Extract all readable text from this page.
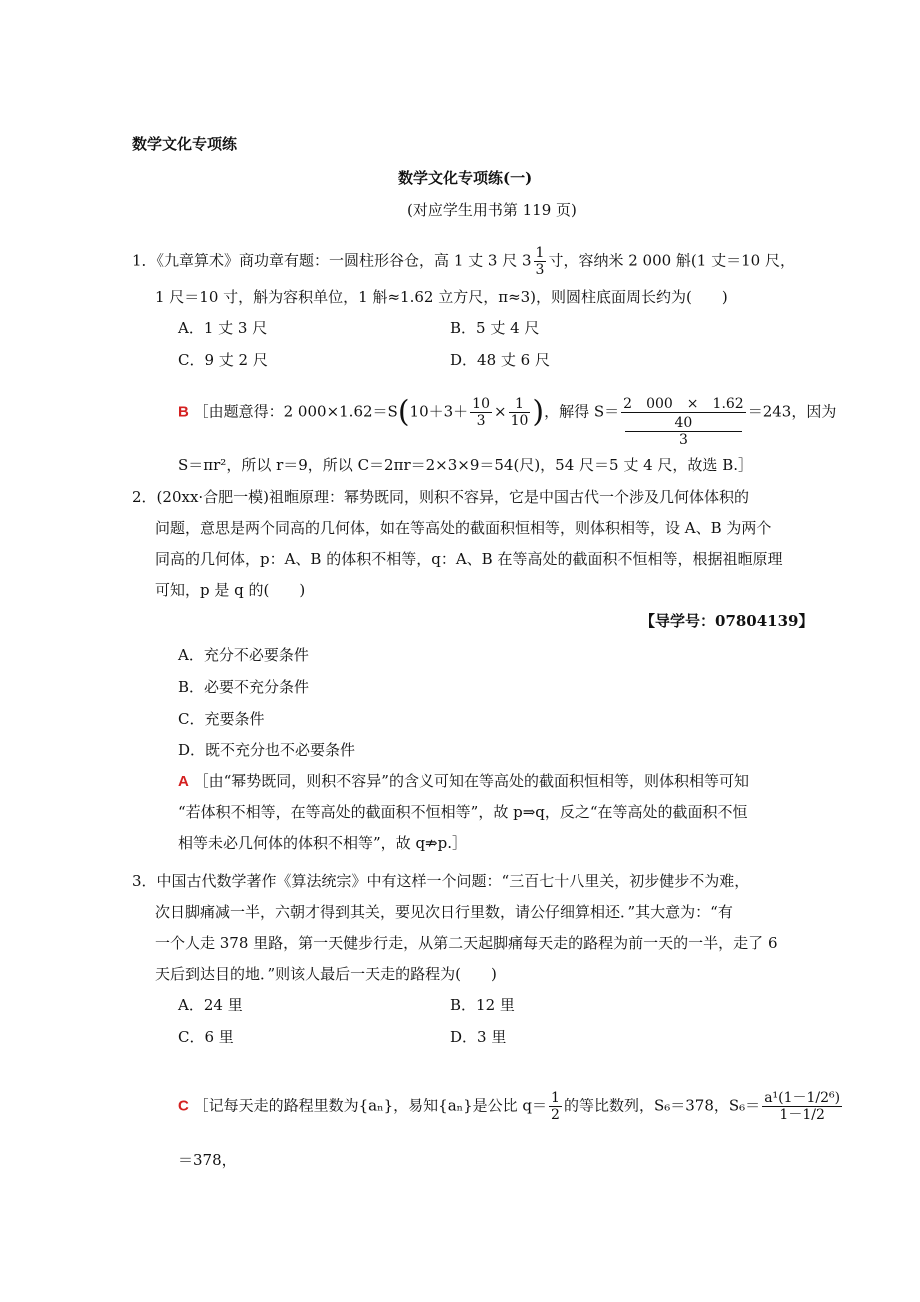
数学文化专项练
数学文化专项练(一)
(对应学生用书第 119 页)
1．《九章算术》商功章有题：一圆柱形谷仓，高 1 丈 3 尺 $3 \frac{1}{3}$ 寸，容纳米 2 000 斛(1 丈＝10 尺，
1 尺＝10 寸，斛为容积单位，1 斛≈1.62 立方尺，π≈3)，则圆柱底面周长约为(　　)
A．1 丈 3 尺	B．5 丈 4 尺
C．9 丈 2 尺	D．48 丈 6 尺
B ［由题意得：2 $000\times 1.62=S(10+3+ \frac{10}{3} \times \frac{1}{10}$ )，解得 S＝ 2　000　×　1.62
40
3 ＝243，因为
S＝πr²，所以 r＝9，所以 C＝2πr＝2×3×9＝54(尺)，54 尺＝5 丈 4 尺，故选 B.］
2．(20xx·合肥一模)祖暅原理：幂势既同，则积不容异，它是中国古代一个涉及几何体体积的
问题，意思是两个同高的几何体，如在等高处的截面积恒相等，则体积相等，设 A、B 为两个
同高的几何体，p：A、B 的体积不相等，q：A、B 在等高处的截面积不恒相等，根据祖暅原理
可知，p 是 q 的(　　)
【导学号：07804139】
A．充分不必要条件
B．必要不充分条件
C．充要条件
D．既不充分也不必要条件
A ［由“幂势既同，则积不容异”的含义可知在等高处的截面积恒相等，则体积相等可知
“若体积不相等，在等高处的截面积不恒相等”，故 p⇒q，反之“在等高处的截面积不恒
相等未必几何体的体积不相等”，故 q⇏p.］
3．中国古代数学著作《算法统宗》中有这样一个问题：“三百七十八里关，初步健步不为难，
次日脚痛减一半，六朝才得到其关，要见次日行里数，请公仔细算相还．”其大意为：“有
一个人走 378 里路，第一天健步行走，从第二天起脚痛每天走的路程为前一天的一半，走了 6
天后到达目的地．”则该人最后一天走的路程为(　　)
A．24 里	B．12 里
C．6 里	D．3 里
C ［记每天走的路程里数为{aₙ}，易知{aₙ}是公比 $q= \frac{1}{2}$ 的等比数列，S₆＝378，$S_6= \frac{\text{a¹(1－1/2⁶)}}{1-1/2}$
＝378，
